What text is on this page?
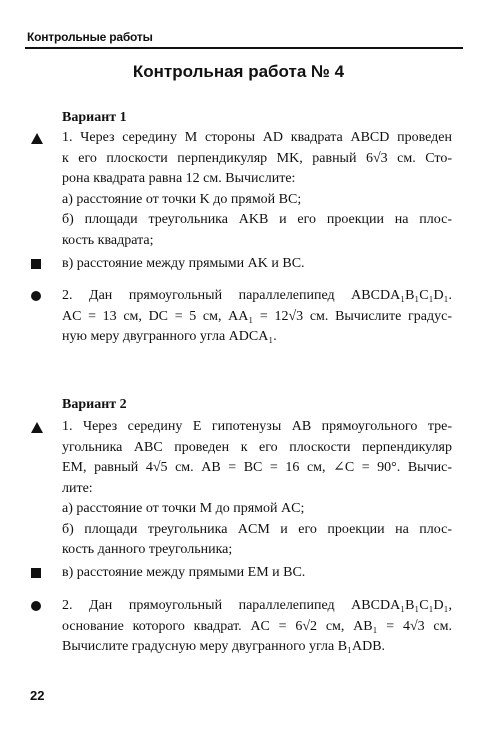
Контрольные работы
Контрольная работа № 4
Вариант 1
1. Через середину M стороны AD квадрата ABCD проведен
к его плоскости перпендикуляр MK, равный 6√3 см. Сто-
рона квадрата равна 12 см. Вычислите:
а) расстояние от точки K до прямой BC;
б) площади треугольника AKB и его проекции на плос-
кость квадрата;
в) расстояние между прямыми AK и BC.
2. Дан прямоугольный параллелепипед ABCDA₁B₁C₁D₁.
AC = 13 см, DC = 5 см, AA₁ = 12√3 см. Вычислите градус-
ную меру двугранного угла ADCA₁.
Вариант 2
1. Через середину E гипотенузы AB прямоугольного тре-
угольника ABC проведен к его плоскости перпендикуляр
EM, равный 4√5 см. AB = BC = 16 см, ∠C = 90°. Вычис-
лите:
а) расстояние от точки M до прямой AC;
б) площади треугольника ACM и его проекции на плос-
кость данного треугольника;
в) расстояние между прямыми EM и BC.
2. Дан прямоугольный параллелепипед ABCDA₁B₁C₁D₁,
основание которого квадрат. AC = 6√2 см, AB₁ = 4√3 см.
Вычислите градусную меру двугранного угла B₁ADB.
22
